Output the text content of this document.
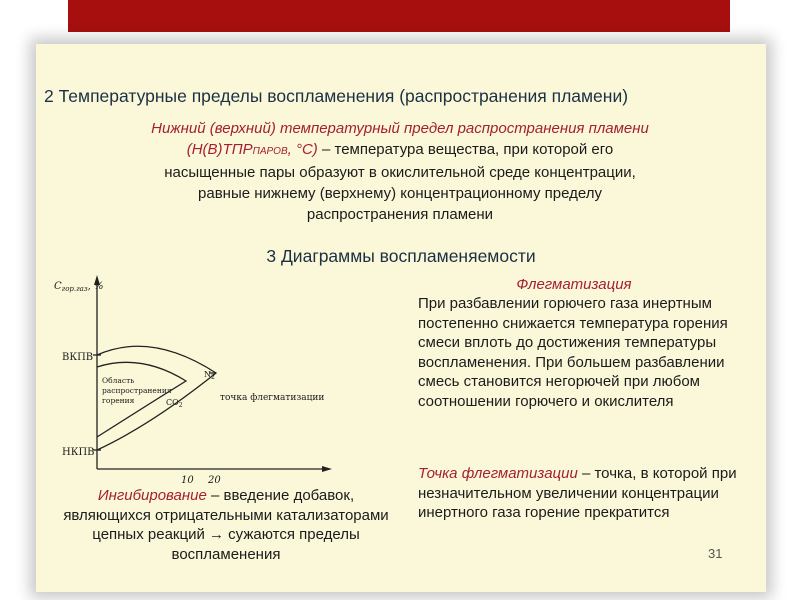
2 Температурные пределы воспламенения (распространения пламени)

Нижний (верхний) температурный предел распространения пламени
(Н(В)ТПРПАРОВ, °С) – температура вещества, при которой его
насыщенные пары образуют в окислительной среде концентрации,
равные нижнему (верхнему) концентрационному пределу
распространения пламени

3 Диаграммы воспламеняемости

$C_{гор.газ}$, %
ВКПВ
НКПВ
Область
распространения
горения
$N_2$
$CO_2$
точка флегматизации
10 20

Флегматизация

При разбавлении горючего газа инертным постепенно снижается температура горения смеси вплоть до достижения температуры воспламенения. При большем разбавлении смесь становится негорючей при любом соотношении горючего и окислителя

Точка флегматизации – точка, в которой при незначительном увеличении концентрации инертного газа горение прекратится

Ингибирование – введение добавок, являющихся отрицательными катализаторами цепных реакций → сужаются пределы воспламенения	31
